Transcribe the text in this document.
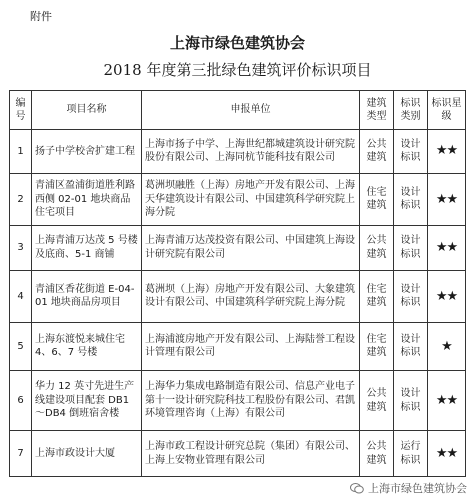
附件
上海市绿色建筑协会
2018 年度第三批绿色建筑评价标识项目
编号	项目名称	申报单位	建筑类型	标识类别	标识星级
1	扬子中学校舍扩建工程	上海市扬子中学、上海世纪都城建筑设计研究院股份有限公司、上海同杭节能科技有限公司	公共建筑	设计标识	★★
2	青浦区盈浦街道胜利路西侧 02-01 地块商品住宅项目	葛洲坝融胜（上海）房地产开发有限公司、上海天华建筑设计有限公司、中国建筑科学研究院上海分院	住宅建筑	设计标识	★★
3	上海青浦万达茂 5 号楼及底商、5-1 商铺	上海青浦万达茂投资有限公司、中国建筑上海设计研究院有限公司	公共建筑	设计标识	★★
4	青浦区香花街道 E-04-01 地块商品房项目	葛洲坝（上海）房地产开发有限公司、大象建筑设计有限公司、中国建筑科学研究院上海分院	住宅建筑	设计标识	★★
5	上海东渡悦来城住宅 4、6、7 号楼	上海浦渡房地产开发有限公司、上海陆誉工程设计管理有限公司	住宅建筑	设计标识	★
6	华力 12 英寸先进生产线建设项目配套 DB1～DB4 倒班宿舍楼	上海华力集成电路制造有限公司、信息产业电子第十一设计研究院科技工程股份有限公司、君凯环境管理咨询（上海）有限公司	公共建筑	设计标识	★★
7	上海市政设计大厦	上海市政工程设计研究总院（集团）有限公司、上海上安物业管理有限公司	公共建筑	运行标识	★★
上海市绿色建筑协会
